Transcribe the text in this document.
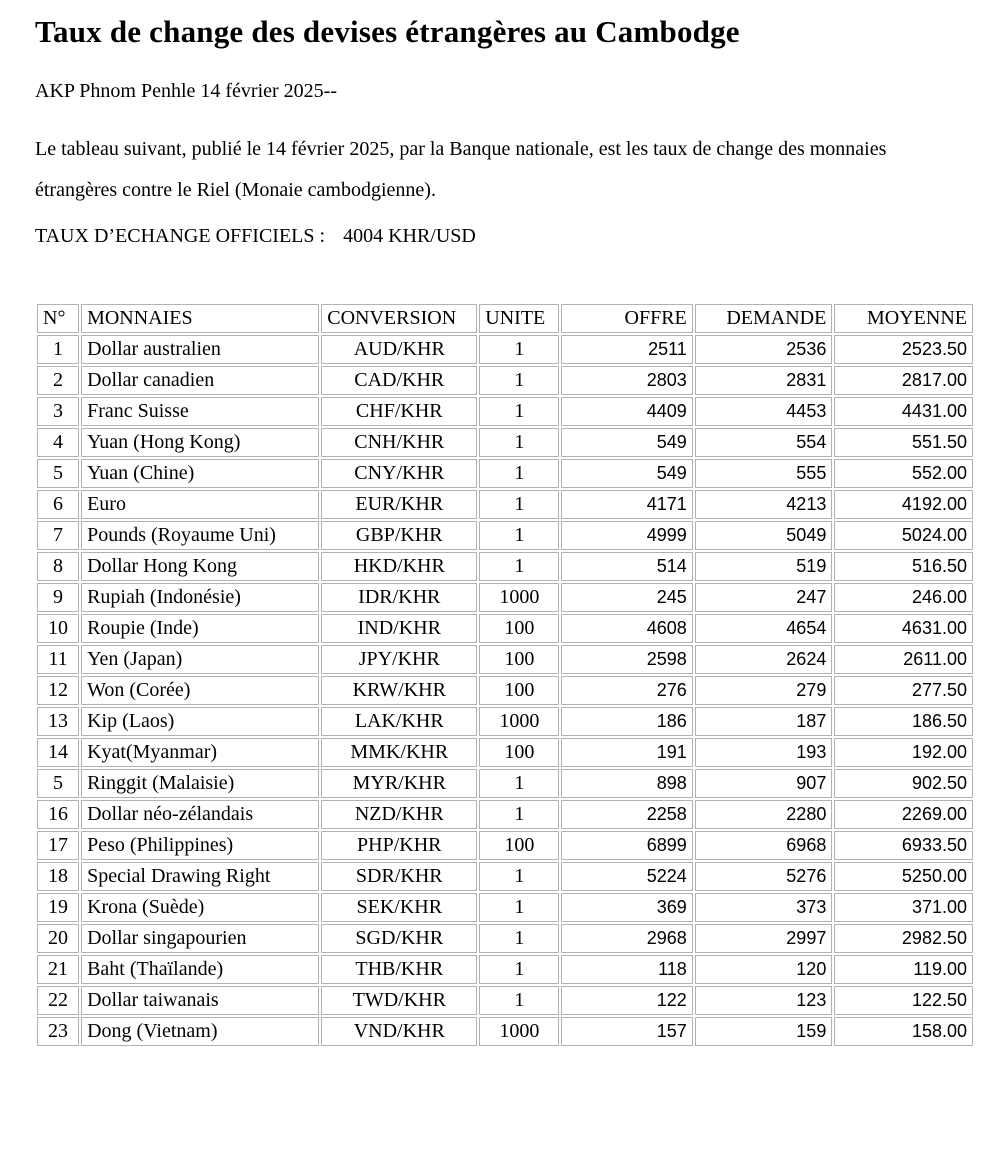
Taux de change des devises étrangères au Cambodge

AKP Phnom Penhle 14 février 2025--

Le tableau suivant, publié le 14 février 2025, par la Banque nationale, est les taux de change des monnaies étrangères contre le Riel (Monaie cambodgienne).

TAUX D’ECHANGE OFFICIELS : 4004 KHR/USD

N°	MONNAIES	CONVERSION	UNITE	OFFRE	DEMANDE	MOYENNE
1	Dollar australien	AUD/KHR	1	2511	2536	2523.50
2	Dollar canadien	CAD/KHR	1	2803	2831	2817.00
3	Franc Suisse	CHF/KHR	1	4409	4453	4431.00
4	Yuan (Hong Kong)	CNH/KHR	1	549	554	551.50
5	Yuan (Chine)	CNY/KHR	1	549	555	552.00
6	Euro	EUR/KHR	1	4171	4213	4192.00
7	Pounds (Royaume Uni)	GBP/KHR	1	4999	5049	5024.00
8	Dollar Hong Kong	HKD/KHR	1	514	519	516.50
9	Rupiah (Indonésie)	IDR/KHR	1000	245	247	246.00
10	Roupie (Inde)	IND/KHR	100	4608	4654	4631.00
11	Yen (Japan)	JPY/KHR	100	2598	2624	2611.00
12	Won (Corée)	KRW/KHR	100	276	279	277.50
13	Kip (Laos)	LAK/KHR	1000	186	187	186.50
14	Kyat(Myanmar)	MMK/KHR	100	191	193	192.00
5	Ringgit (Malaisie)	MYR/KHR	1	898	907	902.50
16	Dollar néo-zélandais	NZD/KHR	1	2258	2280	2269.00
17	Peso (Philippines)	PHP/KHR	100	6899	6968	6933.50
18	Special Drawing Right	SDR/KHR	1	5224	5276	5250.00
19	Krona (Suède)	SEK/KHR	1	369	373	371.00
20	Dollar singapourien	SGD/KHR	1	2968	2997	2982.50
21	Baht (Thaïlande)	THB/KHR	1	118	120	119.00
22	Dollar taiwanais	TWD/KHR	1	122	123	122.50
23	Dong (Vietnam)	VND/KHR	1000	157	159	158.00
